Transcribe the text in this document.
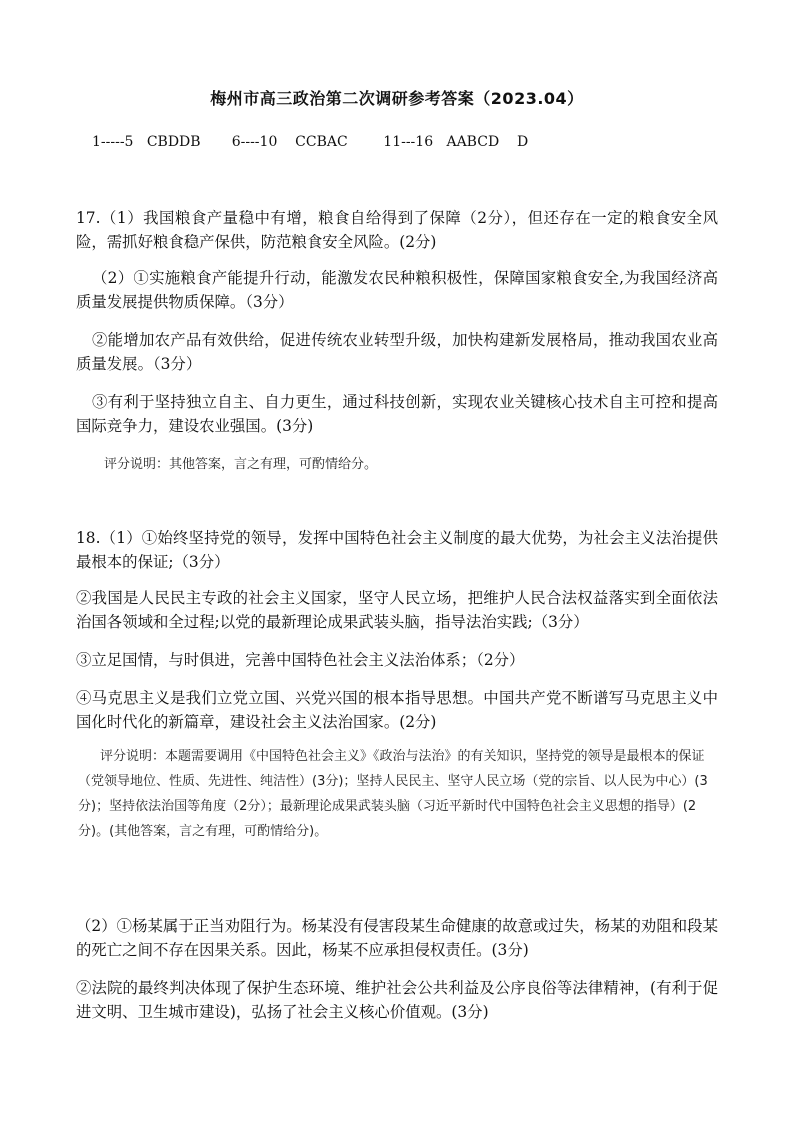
梅州市高三政治第二次调研参考答案（2023.04）
1-----5   CBDDB       6----10    CCBAC        11---16   AABCD    D
17.（1）我国粮食产量稳中有增，粮食自给得到了保障（2分），但还存在一定的粮食安全风险，需抓好粮食稳产保供，防范粮食安全风险。(2分)
（2）①实施粮食产能提升行动，能激发农民种粮积极性，保障国家粮食安全,为我国经济高质量发展提供物质保障。（3分）
②能增加农产品有效供给，促进传统农业转型升级，加快构建新发展格局，推动我国农业高质量发展。（3分）
③有利于坚持独立自主、自力更生，通过科技创新，实现农业关键核心技术自主可控和提高国际竞争力，建设农业强国。(3分)
评分说明：其他答案，言之有理，可酌情给分。
18.（1）①始终坚持党的领导，发挥中国特色社会主义制度的最大优势，为社会主义法治提供最根本的保证;（3分）
②我国是人民民主专政的社会主义国家，坚守人民立场，把维护人民合法权益落实到全面依法治国各领域和全过程;以党的最新理论成果武装头脑，指导法治实践;（3分）
③立足国情，与时俱进，完善中国特色社会主义法治体系；（2分）
④马克思主义是我们立党立国、兴党兴国的根本指导思想。中国共产党不断谱写马克思主义中国化时代化的新篇章，建设社会主义法治国家。(2分)
评分说明：本题需要调用《中国特色社会主义》《政治与法治》的有关知识，坚持党的领导是最根本的保证（党领导地位、性质、先进性、纯洁性）(3分)；坚持人民民主、坚守人民立场（党的宗旨、以人民为中心）(3分)；坚持依法治国等角度（2分）；最新理论成果武装头脑（习近平新时代中国特色社会主义思想的指导）(2分)。(其他答案，言之有理，可酌情给分)。
（2）①杨某属于正当劝阻行为。杨某没有侵害段某生命健康的故意或过失，杨某的劝阻和段某的死亡之间不存在因果关系。因此，杨某不应承担侵权责任。(3分)
②法院的最终判决体现了保护生态环境、维护社会公共利益及公序良俗等法律精神，(有利于促进文明、卫生城市建设)，弘扬了社会主义核心价值观。(3分)
